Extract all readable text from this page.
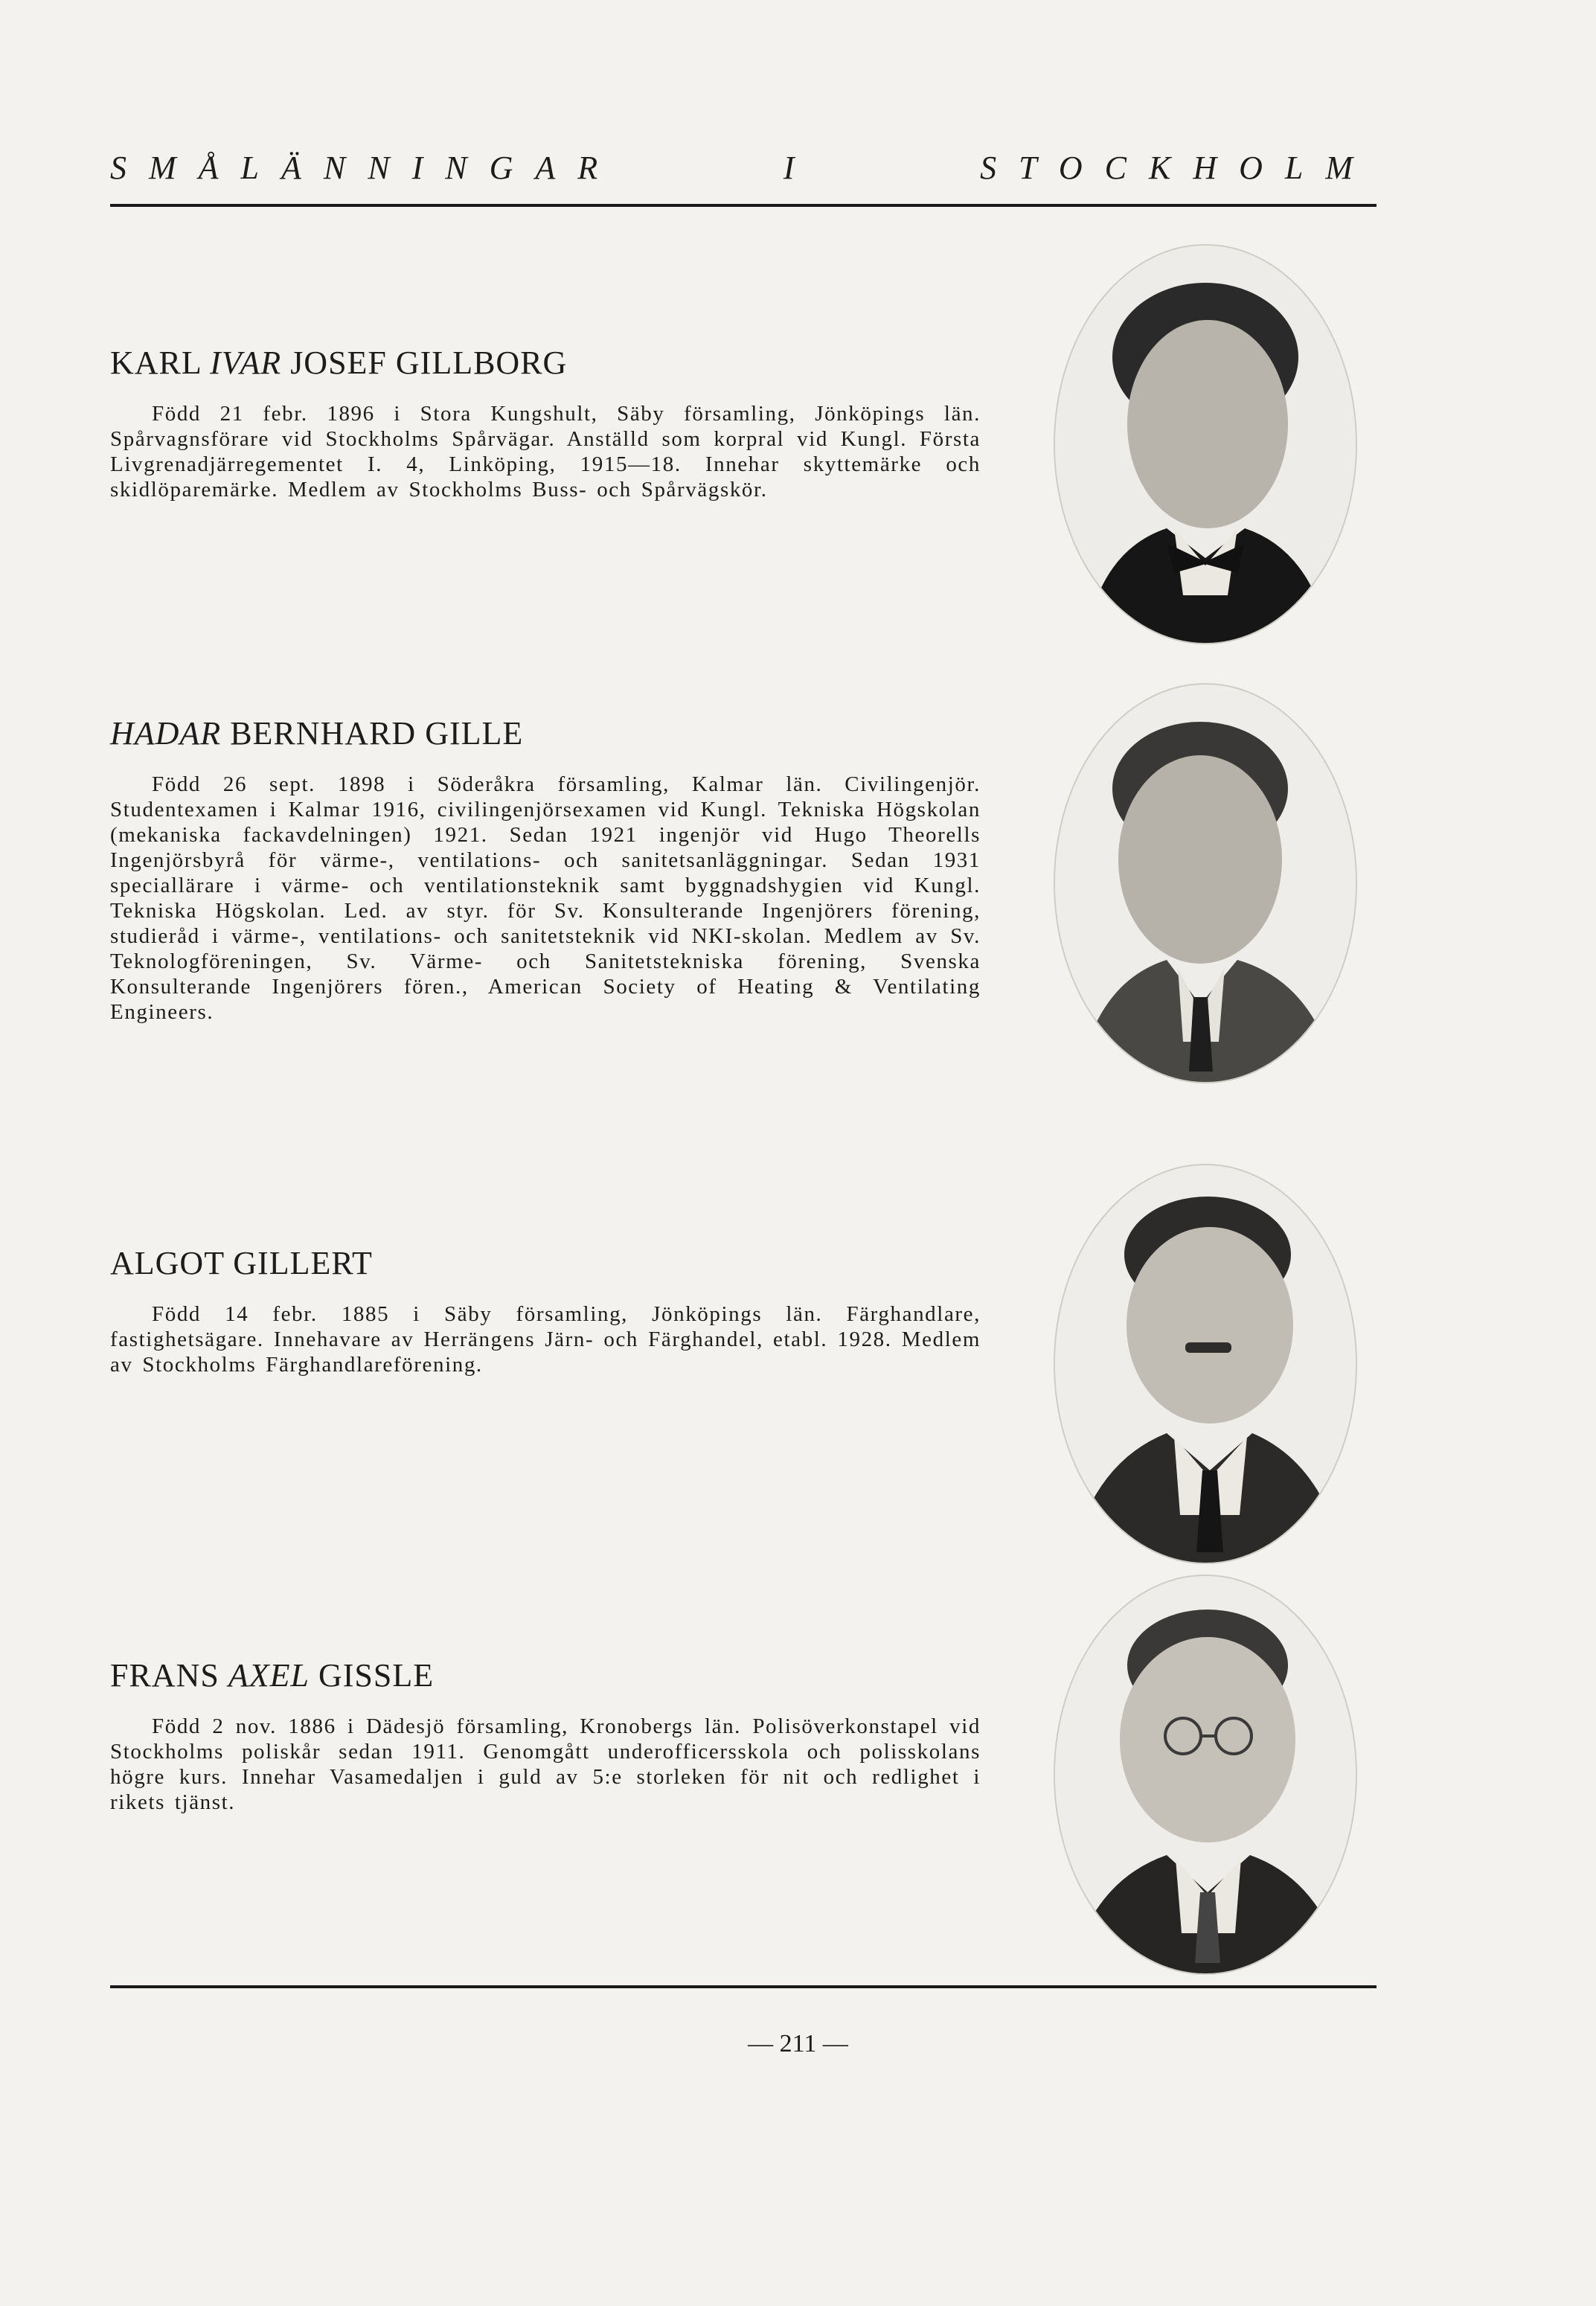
SMÅLÄNNINGAR I STOCKHOLM
KARL IVAR JOSEF GILLBORG

Född 21 febr. 1896 i Stora Kungshult, Säby församling, Jönköpings län. Spårvagnsförare vid Stockholms Spårvägar. Anställd som korpral vid Kungl. Första Livgrenadjärregementet I. 4, Linköping, 1915—18. Innehar skyttemärke och skidlöparemärke. Medlem av Stockholms Buss- och Spårvägskör.

HADAR BERNHARD GILLE

Född 26 sept. 1898 i Söderåkra församling, Kalmar län. Civilingenjör. Studentexamen i Kalmar 1916, civilingenjörsexamen vid Kungl. Tekniska Högskolan (mekaniska fackavdelningen) 1921. Sedan 1921 ingenjör vid Hugo Theorells Ingenjörsbyrå för värme-, ventilations- och sanitetsanläggningar. Sedan 1931 speciallärare i värme- och ventilationsteknik samt byggnadshygien vid Kungl. Tekniska Högskolan. Led. av styr. för Sv. Konsulterande Ingenjörers förening, studieråd i värme-, ventilations- och sanitetsteknik vid NKI-skolan. Medlem av Sv. Teknologföreningen, Sv. Värme- och Sanitetstekniska förening, Svenska Konsulterande Ingenjörers fören., American Society of Heating & Ventilating Engineers.

ALGOT GILLERT

Född 14 febr. 1885 i Säby församling, Jönköpings län. Färghandlare, fastighetsägare. Innehavare av Herrängens Järn- och Färghandel, etabl. 1928. Medlem av Stockholms Färghandlareförening.

FRANS AXEL GISSLE

Född 2 nov. 1886 i Dädesjö församling, Kronobergs län. Polisöverkonstapel vid Stockholms poliskår sedan 1911. Genomgått underofficersskola och polisskolans högre kurs. Innehar Vasamedaljen i guld av 5:e storleken för nit och redlighet i rikets tjänst.

— 211 —
